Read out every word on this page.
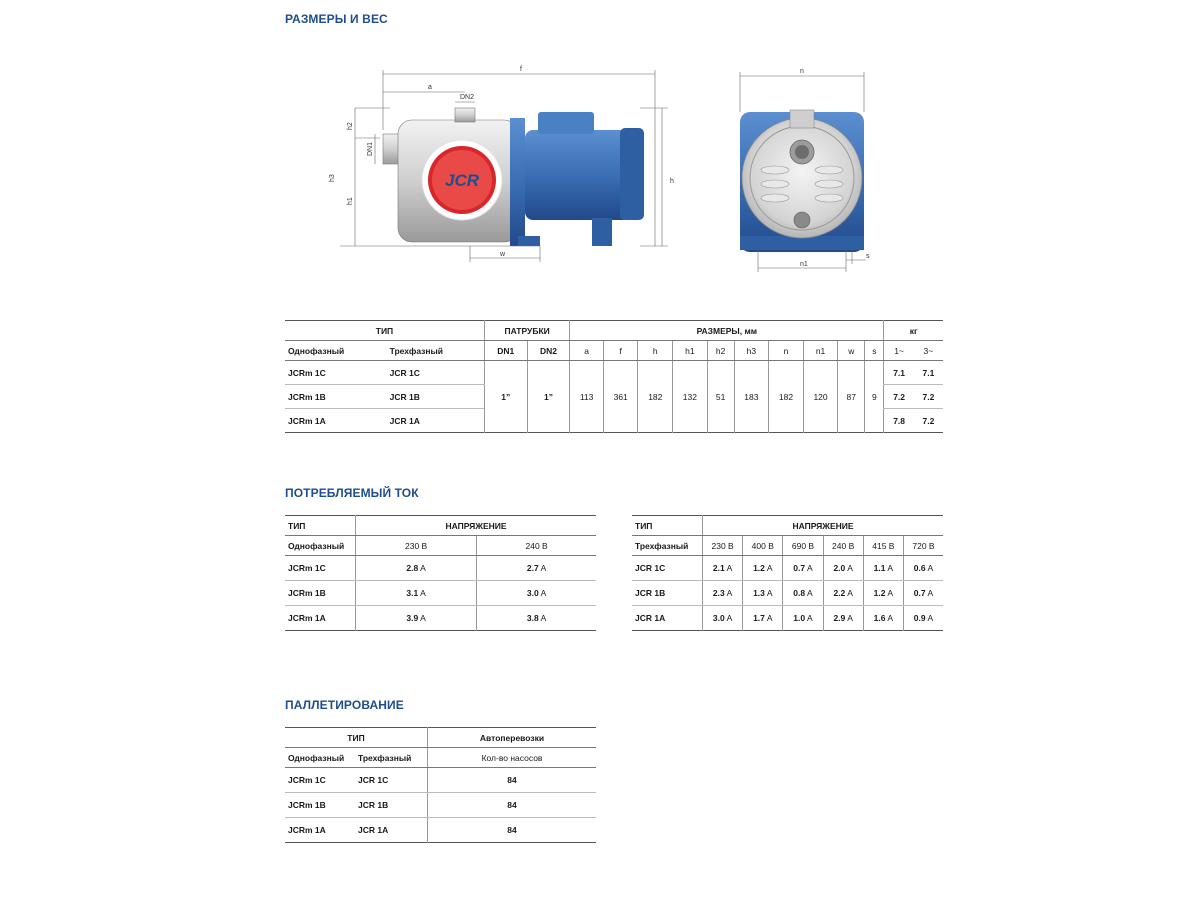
РАЗМЕРЫ И ВЕС
JCR
f
a
DN2
h2
DN1
h3
h1
h
w
n
n1
s
ТИП		ПАТРУБКИ		РАЗМЕРЫ, мм										кг	
Однофазный	Трехфазный	DN1	DN2	a	f	h	h1	h2	h3	n	n1	w	s	1~	3~
JCRm 1C	JCR 1C	1”	1”	113	361	182	132	51	183	182	120	87	9	7.1	7.1
JCRm 1B	JCR 1B													7.2	7.2
JCRm 1A	JCR 1A													7.8	7.2
ПОТРЕБЛЯЕМЫЙ ТОК
ТИП	НАПРЯЖЕНИЕ	
Однофазный	230 В	240 В
JCRm 1C	2.8 A	2.7 A
JCRm 1B	3.1 A	3.0 A
JCRm 1A	3.9 A	3.8 A
ТИП	НАПРЯЖЕНИЕ					
Трехфазный	230 В	400 В	690 В	240 В	415 В	720 В
JCR 1C	2.1 A	1.2 A	0.7 A	2.0 A	1.1 A	0.6 A
JCR 1B	2.3 A	1.3 A	0.8 A	2.2 A	1.2 A	0.7 A
JCR 1A	3.0 A	1.7 A	1.0 A	2.9 A	1.6 A	0.9 A
ПАЛЛЕТИРОВАНИЕ
ТИП		Автоперевозки
Однофазный	Трехфазный	Кол-во насосов
JCRm 1C	JCR 1C	84
JCRm 1B	JCR 1B	84
JCRm 1A	JCR 1A	84
